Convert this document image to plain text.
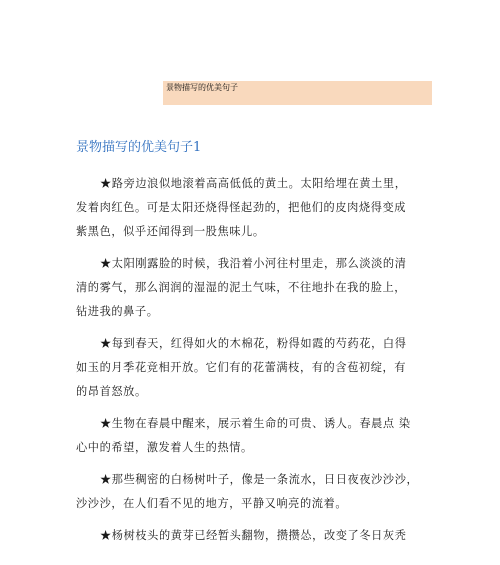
景物描写的优美句子
景物描写的优美句子1

★路旁边浪似地滚着高高低低的黄土。太阳给埋在黄土里，
发着肉红色。可是太阳还烧得怪起劲的，把他们的皮肉烧得变成
紫黑色，似乎还闻得到一股焦味儿。

★太阳刚露脸的时候，我沿着小河往村里走，那么淡淡的清
清的雾气，那么润润的湿湿的泥土气味，不往地扑在我的脸上，
钻进我的鼻子。

★每到春天，红得如火的木棉花，粉得如霞的芍药花，白得
如玉的月季花竞相开放。它们有的花蕾满枝，有的含苞初绽，有
的昂首怒放。

★生物在春晨中醒来，展示着生命的可贵、诱人。春晨点 染
心中的希望，激发着人生的热情。

★那些稠密的白杨树叶子，像是一条流水，日日夜夜沙沙沙，
沙沙沙，在人们看不见的地方，平静又响亮的流着。

★杨树枝头的黄芽已经暂头翻物，攒攒怂，改变了冬日灰秃
